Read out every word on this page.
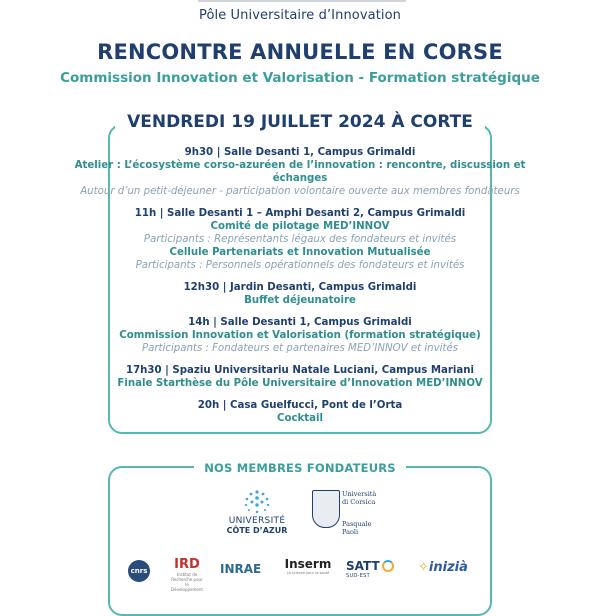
Pôle Universitaire d’Innovation
RENCONTRE ANNUELLE EN CORSE
Commission Innovation et Valorisation - Formation stratégique
VENDREDI 19 JUILLET 2024 À CORTE
9h30 | Salle Desanti 1, Campus Grimaldi
Atelier : L’écosystème corso-azuréen de l’innovation : rencontre, discussion et échanges
Autour d’un petit-déjeuner - participation volontaire ouverte aux membres fondateurs
11h | Salle Desanti 1 – Amphi Desanti 2, Campus Grimaldi
Comité de pilotage MED’INNOV
Participants : Représentants légaux des fondateurs et invités
Cellule Partenariats et Innovation Mutualisée
Participants : Personnels opérationnels des fondateurs et invités
12h30 | Jardin Desanti, Campus Grimaldi
Buffet déjeunatoire
14h | Salle Desanti 1, Campus Grimaldi
Commission Innovation et Valorisation (formation stratégique)
Participants : Fondateurs et partenaires MED’INNOV et invités
17h30 | Spaziu Universitariu Natale Luciani, Campus Mariani
Finale Starthèse du Pôle Universitaire d’Innovation MED’INNOV
20h | Casa Guelfucci, Pont de l’Orta
Cocktail
NOS MEMBRES FONDATEURS
UNIVERSITÉ
CÔTE D’AZUR
Università di Corsica
Pasquale Paoli
cnrs	IRD
Institut de Recherche pour le Développement
INRAE Inserm
La science pour la santé	SATT
SUD-EST
✧inizià
